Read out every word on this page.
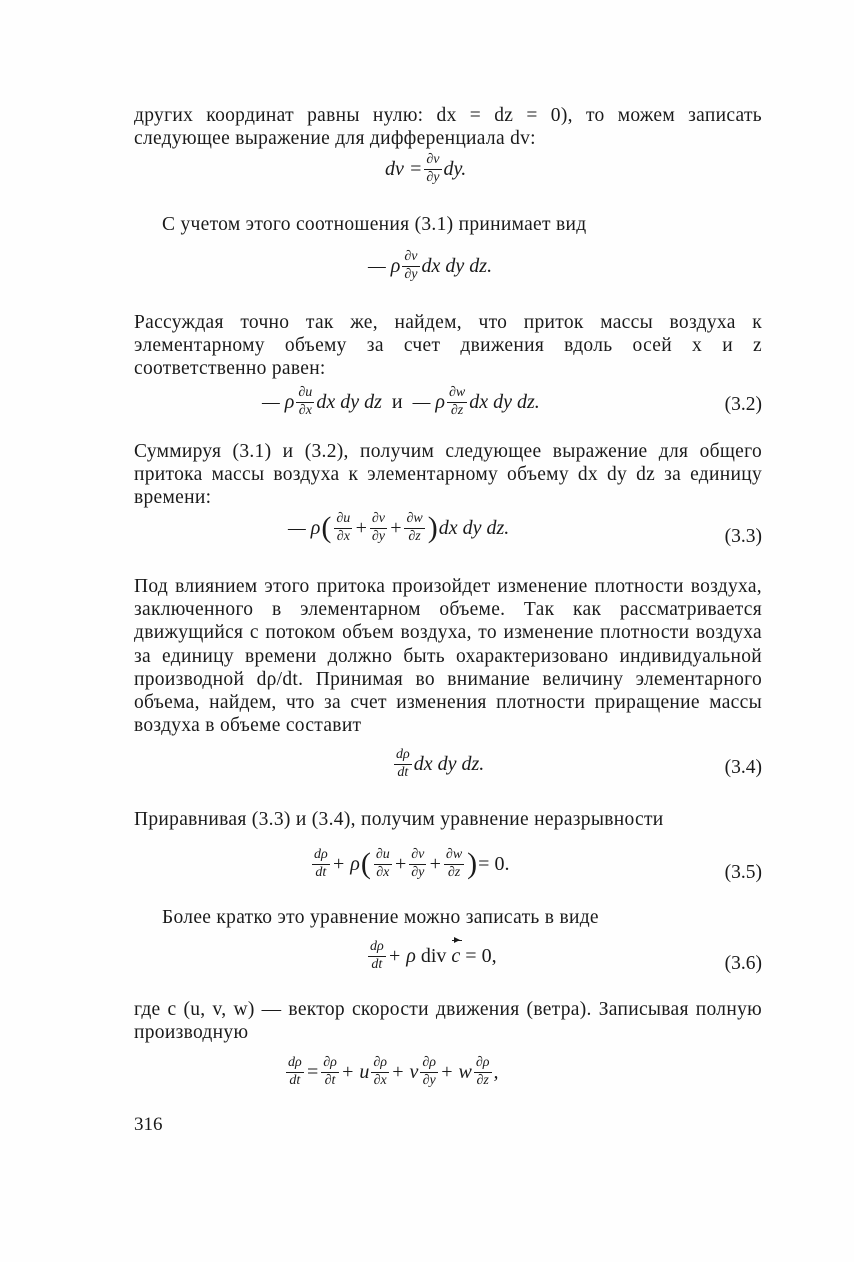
других координат равны нулю: dx = dz = 0), то можем записать следующее выражение для дифференциала dv:
dv = $\frac{\partial v}{\partial y}$ dy.
С учетом этого соотношения (3.1) принимает вид
— ρ $\frac{\partial v}{\partial y}$ dx dy dz.
Рассуждая точно так же, найдем, что приток массы воздуха к элементарному объему за счет движения вдоль осей x и z соответственно равен:
— ρ $\frac{\partial u}{\partial x}$ dx dy dz и — ρ $\frac{\partial w}{\partial z}$ dx dy dz.	(3.2)
Суммируя (3.1) и (3.2), получим следующее выражение для общего притока массы воздуха к элементарному объему dx dy dz за единицу времени:
— ρ ( $\frac{\partial u}{\partial x} + \frac{\partial v}{\partial y} + \frac{\partial w}{\partial z}$ ) dx dy dz.	(3.3)
Под влиянием этого притока произойдет изменение плотности воздуха, заключенного в элементарном объеме. Так как рассматривается движущийся с потоком объем воздуха, то изменение плотности воздуха за единицу времени должно быть охарактеризовано индивидуальной производной dρ/dt. Принимая во внимание величину элементарного объема, найдем, что за счет изменения плотности приращение массы воздуха в объеме составит
$\frac{d\rho}{dt}$ dx dy dz.	(3.4)
Приравнивая (3.3) и (3.4), получим уравнение неразрывности
$\frac{d\rho}{dt} + \rho$ ( $\frac{\partial u}{\partial x} + \frac{\partial v}{\partial y} + \frac{\partial w}{\partial z}$ ) = 0.	(3.5)
Более кратко это уравнение можно записать в виде
$\frac{d\rho}{dt} + \rho$ div c = 0,	(3.6)
где c (u, v, w) — вектор скорости движения (ветра). Записывая полную производную
$\frac{d\rho}{dt} = \frac{\partial\rho}{\partial t} + u \frac{\partial\rho}{\partial x} + v \frac{\partial\rho}{\partial y} + w \frac{\partial\rho}{\partial z}$ ,
316
